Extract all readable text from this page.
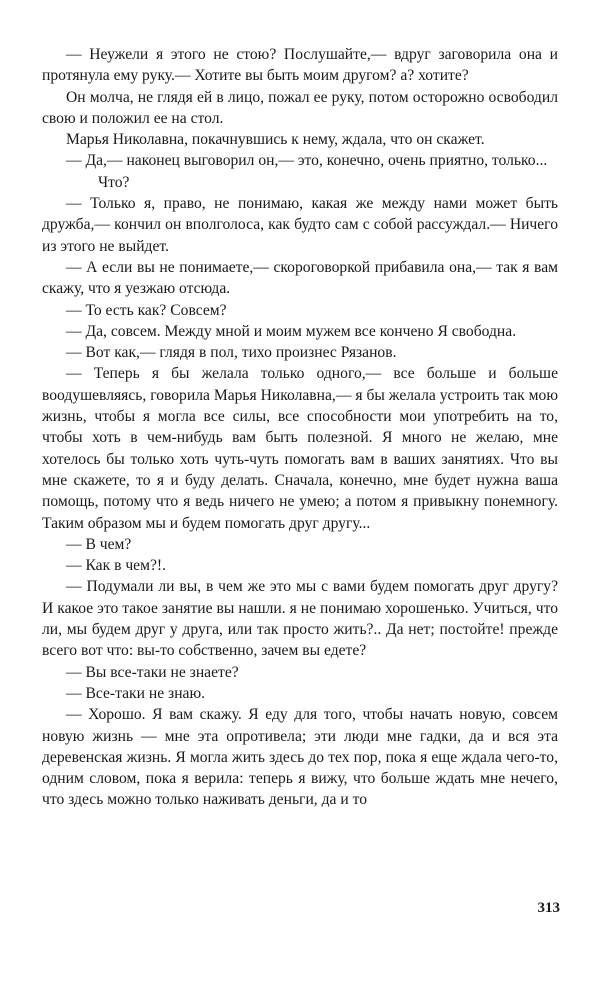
— Неужели я этого не стою? Послушайте,— вдруг заговорила она и протянула ему руку.— Хотите вы быть моим другом? а? хотите?

Он молча, не глядя ей в лицо, пожал ее руку, потом осторожно освободил свою и положил ее на стол.

Марья Николавна, покачнувшись к нему, ждала, что он скажет.

— Да,— наконец выговорил он,— это, конечно, очень приятно, только...

Что?

— Только я, право, не понимаю, какая же между нами может быть дружба,— кончил он вполголоса, как будто сам с собой рассуждал.— Ничего из этого не выйдет.

— А если вы не понимаете,— скороговоркой прибавила она,— так я вам скажу, что я уезжаю отсюда.

— То есть как? Совсем?

— Да, совсем. Между мной и моим мужем все кончено Я свободна.

— Вот как,— глядя в пол, тихо произнес Рязанов.

— Теперь я бы желала только одного,— все больше и больше воодушевляясь, говорила Марья Николавна,— я бы желала устроить так мою жизнь, чтобы я могла все силы, все способности мои употребить на то, чтобы хоть в чем-нибудь вам быть полезной. Я много не желаю, мне хотелось бы только хоть чуть-чуть помогать вам в ваших занятиях. Что вы мне скажете, то я и буду делать. Сначала, конечно, мне будет нужна ваша помощь, потому что я ведь ничего не умею; а потом я привыкну понемногу. Таким образом мы и будем помогать друг другу...

— В чем?

— Как в чем?!.

— Подумали ли вы, в чем же это мы с вами будем помогать друг другу? И какое это такое занятие вы нашли. я не понимаю хорошенько. Учиться, что ли, мы будем друг у друга, или так просто жить?.. Да нет; постойте! прежде всего вот что: вы-то собственно, зачем вы едете?

— Вы все-таки не знаете?

— Все-таки не знаю.

— Хорошо. Я вам скажу. Я еду для того, чтобы начать новую, совсем новую жизнь — мне эта опротивела; эти люди мне гадки, да и вся эта деревенская жизнь. Я могла жить здесь до тех пор, пока я еще ждала чего-то, одним словом, пока я верила: теперь я вижу, что больше ждать мне нечего, что здесь можно только наживать деньги, да и то

313
